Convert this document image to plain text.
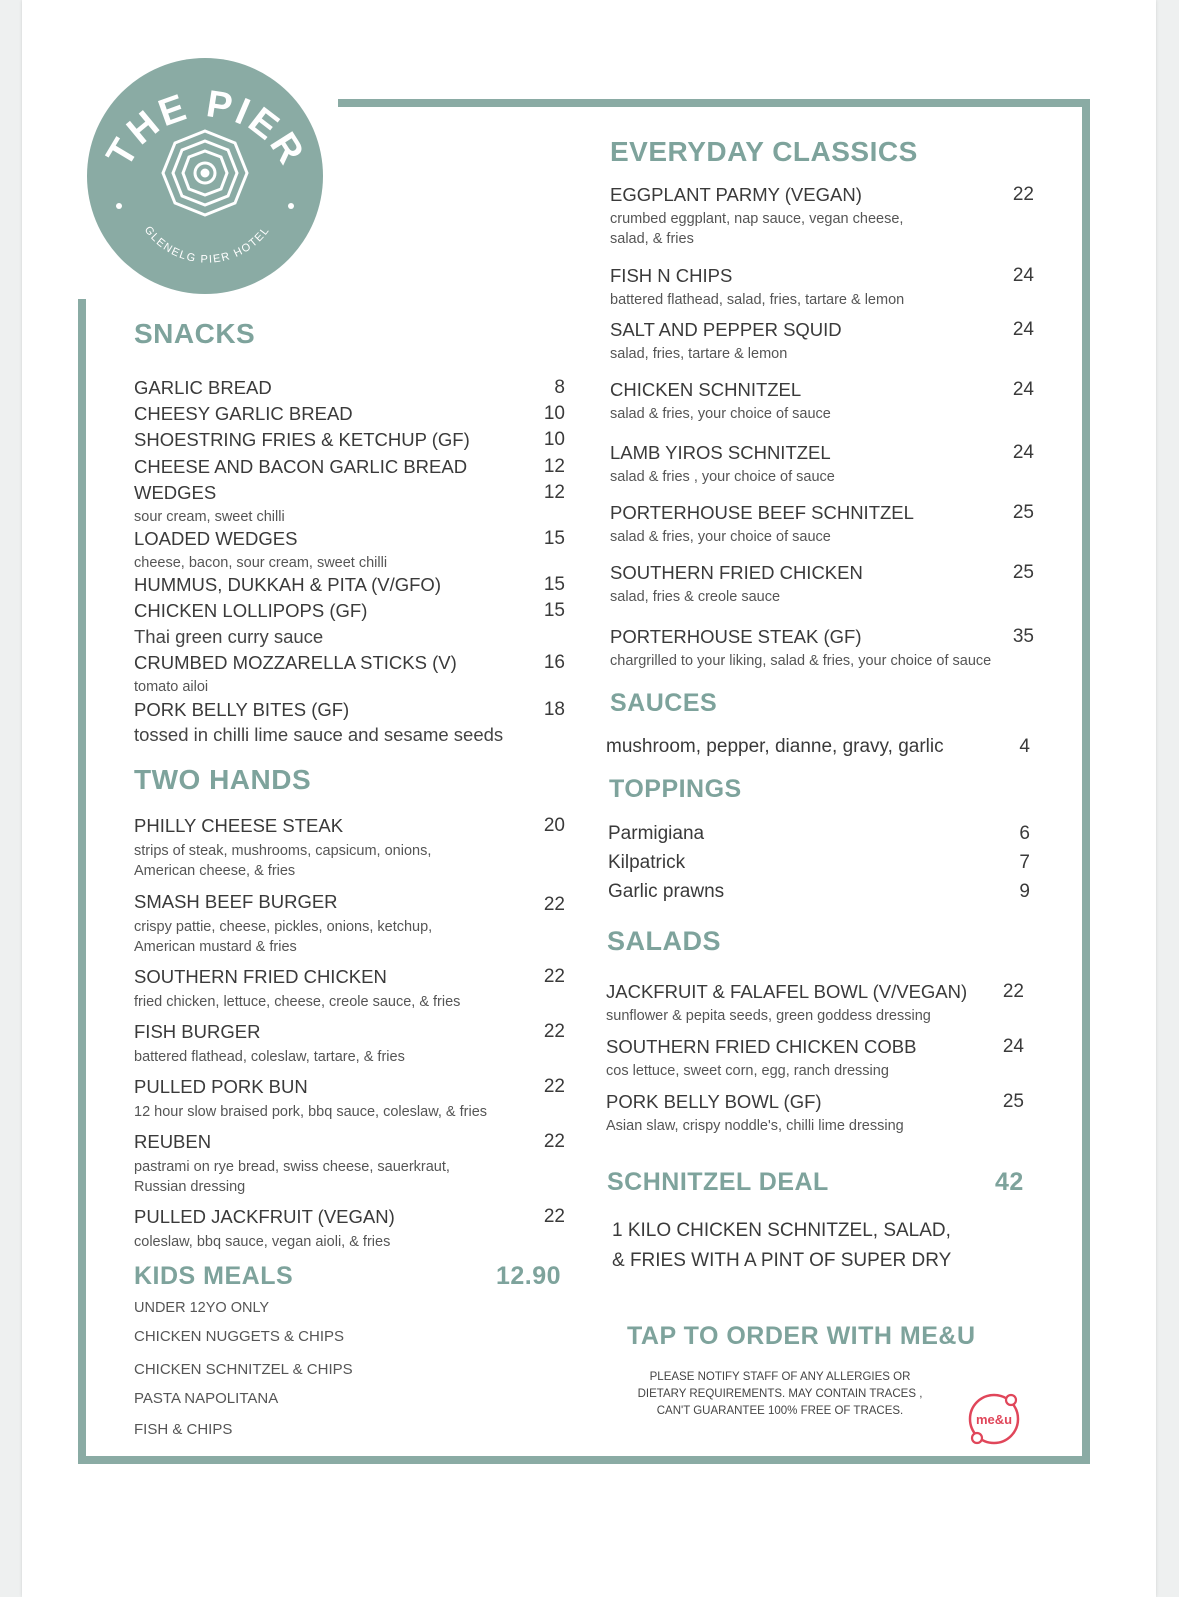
THE PIER
GLENELG PIER HOTEL
SNACKS
GARLIC BREAD	8
CHEESY GARLIC BREAD	10
SHOESTRING FRIES & KETCHUP (GF)	10
CHEESE AND BACON GARLIC BREAD	12
WEDGES	12
sour cream, sweet chilli
LOADED WEDGES	15
cheese, bacon, sour cream, sweet chilli
HUMMUS, DUKKAH & PITA (V/GFO)	15
CHICKEN LOLLIPOPS (GF)	15
Thai green curry sauce
CRUMBED MOZZARELLA STICKS (V)	16
tomato ailoi
PORK BELLY BITES (GF)	18
tossed in chilli lime sauce and sesame seeds
TWO HANDS
PHILLY CHEESE STEAK	20
strips of steak, mushrooms, capsicum, onions,
American cheese, & fries
SMASH BEEF BURGER	22
crispy pattie, cheese, pickles, onions, ketchup,
American mustard & fries
SOUTHERN FRIED CHICKEN	22
fried chicken, lettuce, cheese, creole sauce, & fries
FISH BURGER	22
battered flathead, coleslaw, tartare, & fries
PULLED PORK BUN	22
12 hour slow braised pork, bbq sauce, coleslaw, & fries
REUBEN	22
pastrami on rye bread, swiss cheese, sauerkraut,
Russian dressing
PULLED JACKFRUIT (VEGAN)	22
coleslaw, bbq sauce, vegan aioli, & fries
KIDS MEALS	12.90
UNDER 12YO ONLY
CHICKEN NUGGETS & CHIPS
CHICKEN SCHNITZEL & CHIPS
PASTA NAPOLITANA
FISH & CHIPS
EVERYDAY CLASSICS
EGGPLANT PARMY (VEGAN)	22
crumbed eggplant, nap sauce, vegan cheese,
salad, & fries
FISH N CHIPS	24
battered flathead, salad, fries, tartare & lemon
SALT AND PEPPER SQUID	24
salad, fries, tartare & lemon
CHICKEN SCHNITZEL	24
salad & fries, your choice of sauce
LAMB YIROS SCHNITZEL	24
salad & fries , your choice of sauce
PORTERHOUSE BEEF SCHNITZEL	25
salad & fries, your choice of sauce
SOUTHERN FRIED CHICKEN	25
salad, fries & creole sauce
PORTERHOUSE STEAK (GF)	35
chargrilled to your liking, salad & fries, your choice of sauce
SAUCES
mushroom, pepper, dianne, gravy, garlic	4
TOPPINGS
Parmigiana	6
Kilpatrick	7
Garlic prawns	9
SALADS
JACKFRUIT & FALAFEL BOWL (V/VEGAN)	22
sunflower & pepita seeds, green goddess dressing
SOUTHERN FRIED CHICKEN COBB	24
cos lettuce, sweet corn, egg, ranch dressing
PORK BELLY BOWL (GF)	25
Asian slaw, crispy noddle's, chilli lime dressing
SCHNITZEL DEAL	42
1 KILO CHICKEN SCHNITZEL, SALAD,
& FRIES WITH A PINT OF SUPER DRY
TAP TO ORDER WITH ME&U
PLEASE NOTIFY STAFF OF ANY ALLERGIES OR
DIETARY REQUIREMENTS. MAY CONTAIN TRACES ,
CAN'T GUARANTEE 100% FREE OF TRACES.
me&u
